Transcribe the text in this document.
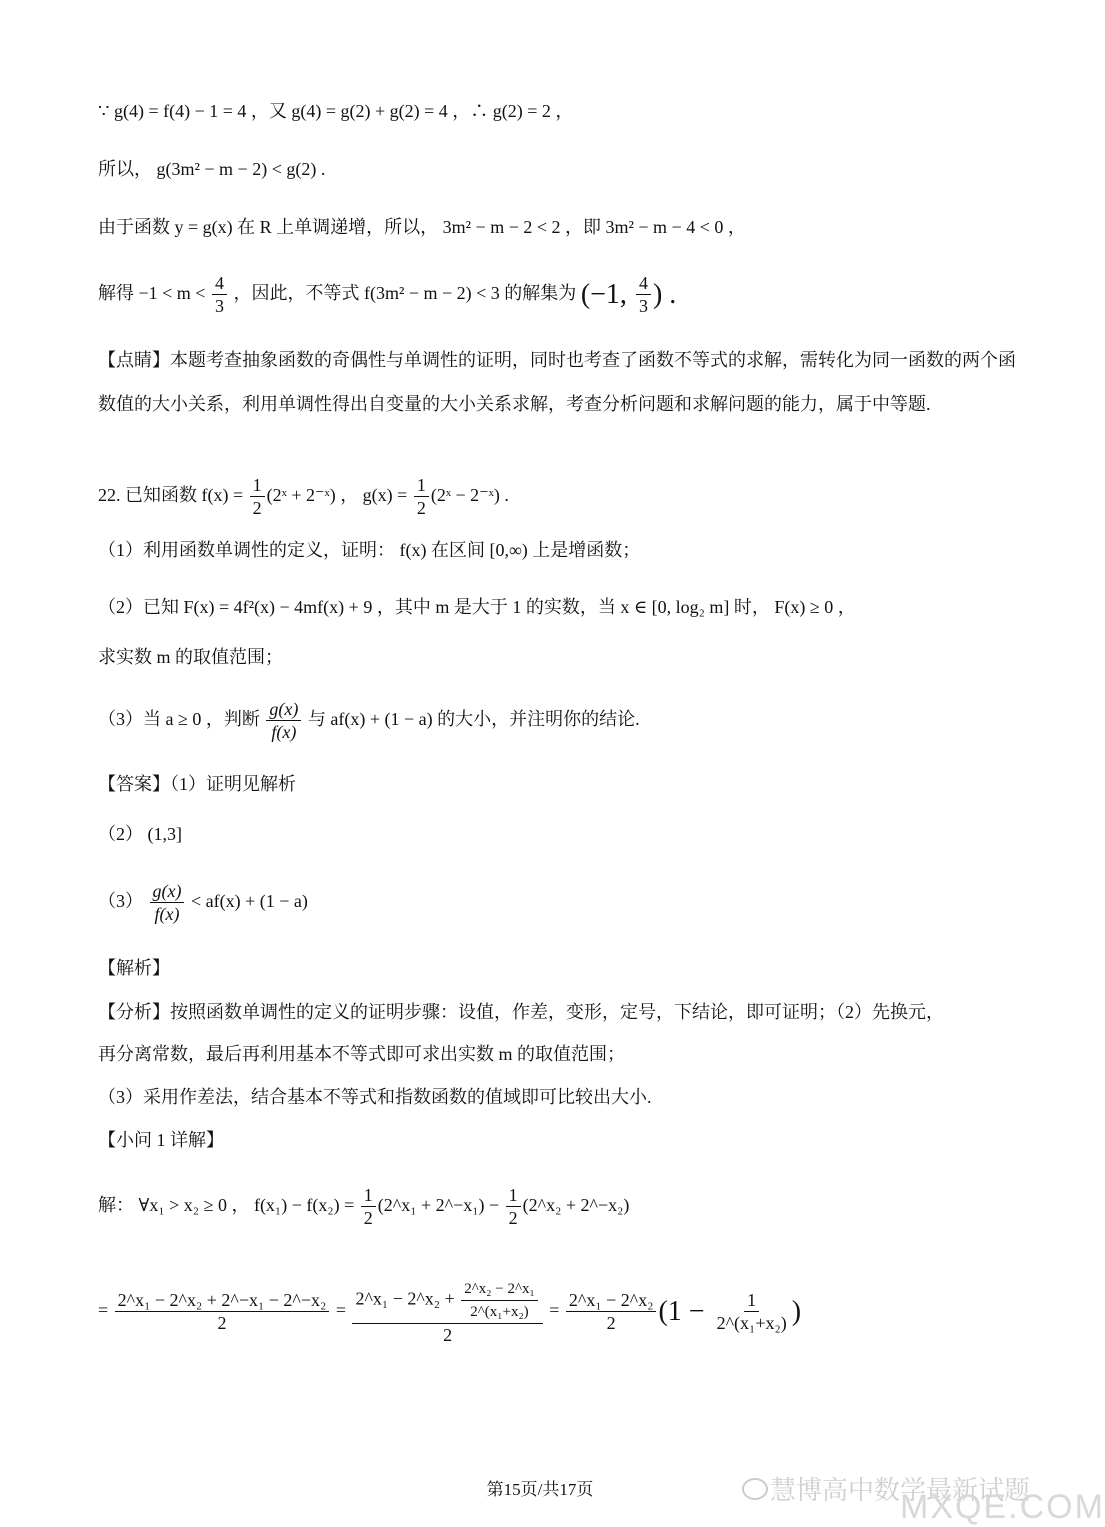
∵ g(4) = f(4) − 1 = 4 ，又 g(4) = g(2) + g(2) = 4 ，∴ g(2) = 2 ，
所以， g(3m² − m − 2) < g(2) .
由于函数 y = g(x) 在 R 上单调递增，所以， 3m² − m − 2 < 2 ，即 3m² − m − 4 < 0 ，
解得 $-1 < m < \frac{4}{3}$ ，因此，不等式 f(3m² − m − 2) < 3 的解集为 (−1, $\frac{4}{3}$ ) .
【点睛】本题考查抽象函数的奇偶性与单调性的证明，同时也考查了函数不等式的求解，需转化为同一函数的两个函数值的大小关系，利用单调性得出自变量的大小关系求解，考查分析问题和求解问题的能力，属于中等题.
22. 已知函数 $f(x) = \frac{1}{2}$ (2ˣ + 2⁻ˣ) ， $g(x) = \frac{1}{2}$ (2ˣ − 2⁻ˣ) .
（1）利用函数单调性的定义，证明： f(x) 在区间 [0,∞) 上是增函数；
（2）已知 F(x) = 4f²(x) − 4mf(x) + 9 ，其中 m 是大于 1 的实数，当 x ∈ [0, log₂ m] 时， F(x) ≥ 0 ，
求实数 m 的取值范围；
（3）当 a ≥ 0 ，判断 $\frac{g(x)}{f(x)}$ 与 af(x) + (1 − a) 的大小，并注明你的结论.
【答案】（1）证明见解析
（2） (1,3]
$(3) \frac{g(x)}{f(x)} < af(x) + (1 - a)$
【解析】
【分析】按照函数单调性的定义的证明步骤：设值，作差，变形，定号，下结论，即可证明；（2）先换元，
再分离常数，最后再利用基本不等式即可求出实数 m 的取值范围；
（3）采用作差法，结合基本不等式和指数函数的值域即可比较出大小.
【小问 1 详解】
解： ∀x₁ > x₂ ≥ 0 ， $f(x_1) - f(x_2) = \frac{1}{2}$ (2^x₁ + 2^−x₁) − $\frac{1}{2}$ (2^x₂ + 2^−x₂)
= $\frac{\text{2\textasciicircum{}x₁ − 2\textasciicircum{}x₂ + 2\textasciicircum{}−x₁ − 2\textasciicircum{}−x₂}}{2} = \frac{2\^{}x_1 - 2\^{}x_2 + \frac{\text{2\textasciicircum{}x₂ − 2\textasciicircum{}x₁}}{\text{2\textasciicircum{}(x₁+x₂)}}}{2} = \frac{\text{2\textasciicircum{}x₁ − 2\textasciicircum{}x₂}}{2} (1 - \frac{1}{\text{2\textasciicircum{}(x₁+x₂)}}$ )
慧博高中数学最新试题
MXQE.COM
第15页/共17页
